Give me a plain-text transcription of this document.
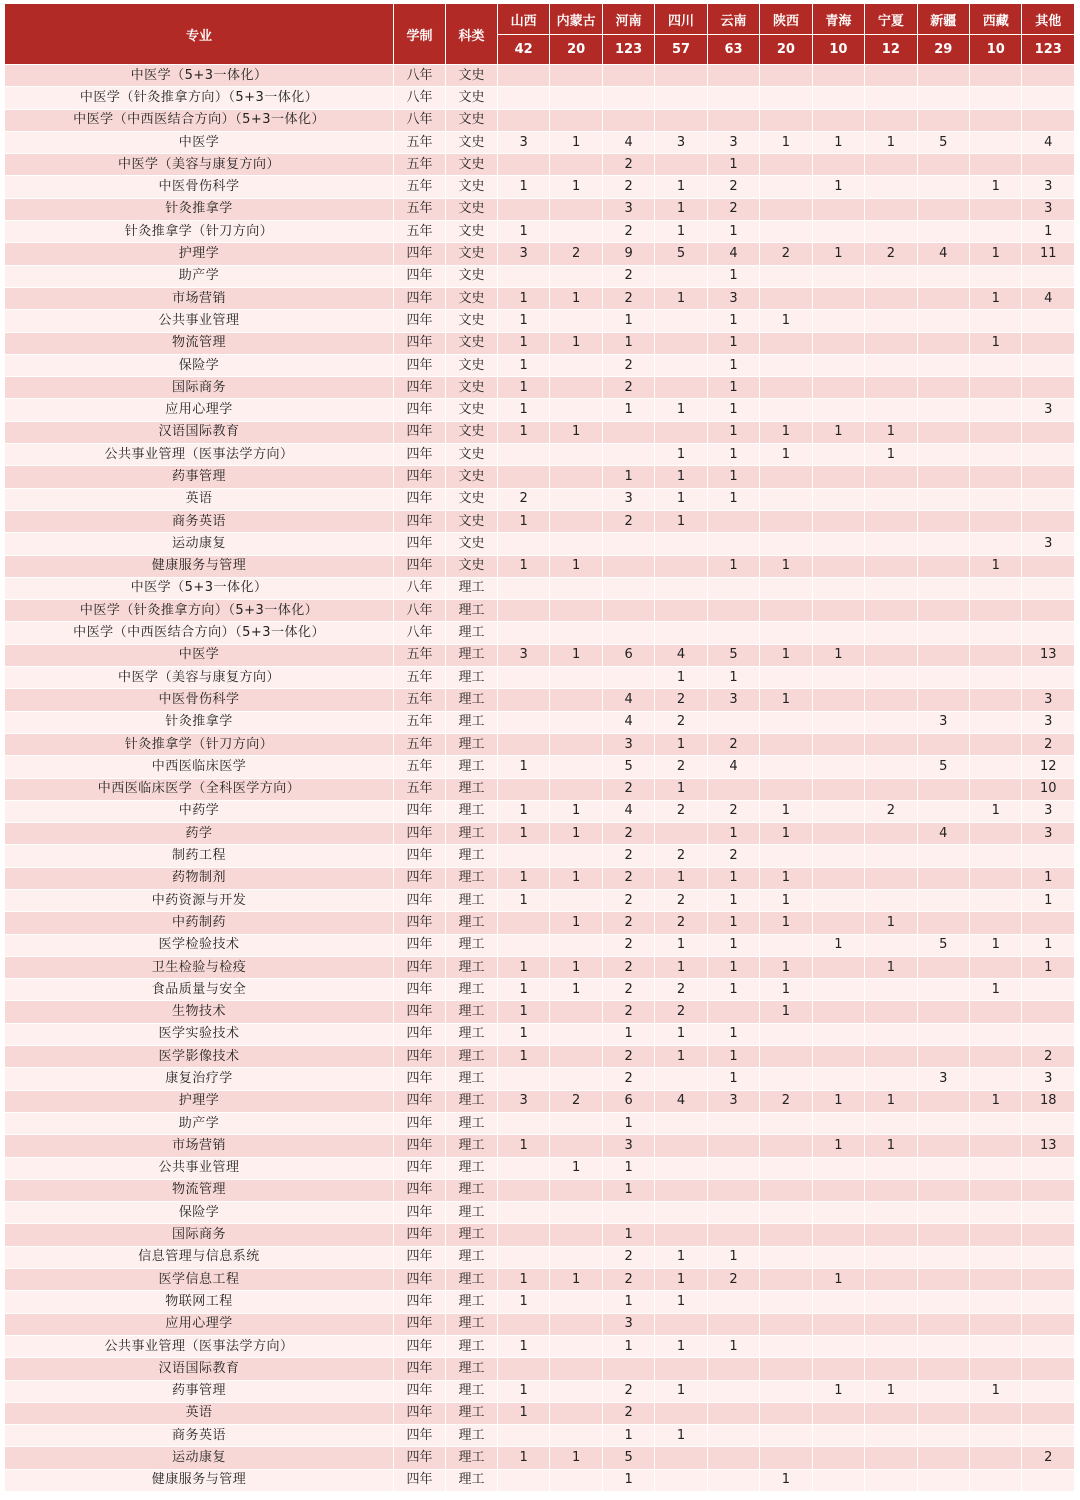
专业	学制	科类	山西	内蒙古	河南	四川	云南	陕西	青海	宁夏	新疆	西藏	其他
			42	20	123	57	63	20	10	12	29	10	123
中医学（5+3一体化）	八年	文史											
中医学（针灸推拿方向）（5+3一体化）	八年	文史											
中医学（中西医结合方向）（5+3一体化）	八年	文史											
中医学	五年	文史	3	1	4	3	3	1	1	1	5		4
中医学（美容与康复方向）	五年	文史			2		1						
中医骨伤科学	五年	文史	1	1	2	1	2		1			1	3
针灸推拿学	五年	文史			3	1	2						3
针灸推拿学（针刀方向）	五年	文史	1		2	1	1						1
护理学	四年	文史	3	2	9	5	4	2	1	2	4	1	11
助产学	四年	文史			2		1						
市场营销	四年	文史	1	1	2	1	3					1	4
公共事业管理	四年	文史	1		1		1	1					
物流管理	四年	文史	1	1	1		1					1	
保险学	四年	文史	1		2		1						
国际商务	四年	文史	1		2		1						
应用心理学	四年	文史	1		1	1	1						3
汉语国际教育	四年	文史	1	1			1	1	1	1			
公共事业管理（医事法学方向）	四年	文史				1	1	1		1			
药事管理	四年	文史			1	1	1						
英语	四年	文史	2		3	1	1						
商务英语	四年	文史	1		2	1							
运动康复	四年	文史											3
健康服务与管理	四年	文史	1	1			1	1				1	
中医学（5+3一体化）	八年	理工											
中医学（针灸推拿方向）（5+3一体化）	八年	理工											
中医学（中西医结合方向）（5+3一体化）	八年	理工											
中医学	五年	理工	3	1	6	4	5	1	1				13
中医学（美容与康复方向）	五年	理工				1	1						
中医骨伤科学	五年	理工			4	2	3	1					3
针灸推拿学	五年	理工			4	2					3		3
针灸推拿学（针刀方向）	五年	理工			3	1	2						2
中西医临床医学	五年	理工	1		5	2	4				5		12
中西医临床医学（全科医学方向）	五年	理工			2	1							10
中药学	四年	理工	1	1	4	2	2	1		2		1	3
药学	四年	理工	1	1	2		1	1			4		3
制药工程	四年	理工			2	2	2						
药物制剂	四年	理工	1	1	2	1	1	1					1
中药资源与开发	四年	理工	1		2	2	1	1					1
中药制药	四年	理工		1	2	2	1	1		1			
医学检验技术	四年	理工			2	1	1		1		5	1	1
卫生检验与检疫	四年	理工	1	1	2	1	1	1		1			1
食品质量与安全	四年	理工	1	1	2	2	1	1				1	
生物技术	四年	理工	1		2	2		1					
医学实验技术	四年	理工	1		1	1	1						
医学影像技术	四年	理工	1		2	1	1						2
康复治疗学	四年	理工			2		1				3		3
护理学	四年	理工	3	2	6	4	3	2	1	1		1	18
助产学	四年	理工			1								
市场营销	四年	理工	1		3				1	1			13
公共事业管理	四年	理工		1	1								
物流管理	四年	理工			1								
保险学	四年	理工											
国际商务	四年	理工			1								
信息管理与信息系统	四年	理工			2	1	1						
医学信息工程	四年	理工	1	1	2	1	2		1				
物联网工程	四年	理工	1		1	1							
应用心理学	四年	理工			3								
公共事业管理（医事法学方向）	四年	理工	1		1	1	1						
汉语国际教育	四年	理工											
药事管理	四年	理工	1		2	1			1	1		1	
英语	四年	理工	1		2								
商务英语	四年	理工			1	1							
运动康复	四年	理工	1	1	5								2
健康服务与管理	四年	理工			1			1					
